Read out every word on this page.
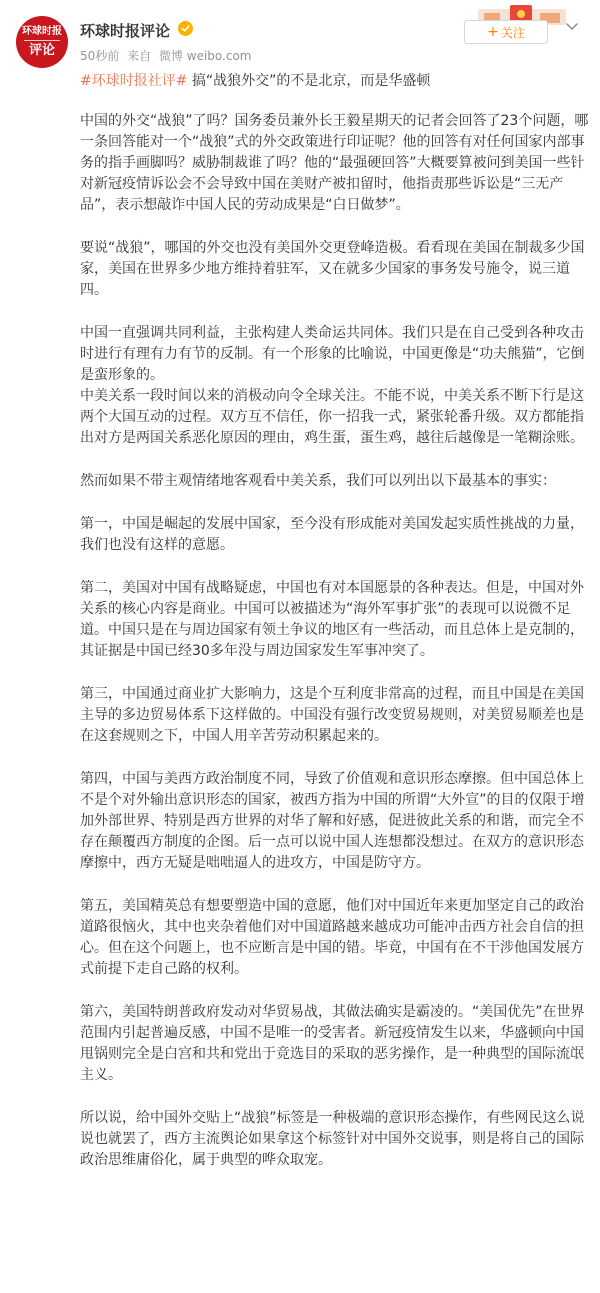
环球时报
评论
环球时报评论
50秒前 来自 微博 weibo.com
+ 关注
#环球时报社评# 搞“战狼外交”的不是北京，而是华盛顿

中国的外交“战狼”了吗？国务委员兼外长王毅星期天的记者会回答了23个问题，哪一条回答能对一个“战狼”式的外交政策进行印证呢？他的回答有对任何国家内部事务的指手画脚吗？威胁制裁谁了吗？他的“最强硬回答”大概要算被问到美国一些针对新冠疫情诉讼会不会导致中国在美财产被扣留时，他指责那些诉讼是“三无产品”，表示想敲诈中国人民的劳动成果是“白日做梦”。

要说“战狼”，哪国的外交也没有美国外交更登峰造极。看看现在美国在制裁多少国家，美国在世界多少地方维持着驻军，又在就多少国家的事务发号施令，说三道四。

中国一直强调共同利益，主张构建人类命运共同体。我们只是在自己受到各种攻击时进行有理有力有节的反制。有一个形象的比喻说，中国更像是“功夫熊猫”，它倒是蛮形象的。

中美关系一段时间以来的消极动向令全球关注。不能不说，中美关系不断下行是这两个大国互动的过程。双方互不信任，你一招我一式，紧张轮番升级。双方都能指出对方是两国关系恶化原因的理由，鸡生蛋，蛋生鸡，越往后越像是一笔糊涂账。

然而如果不带主观情绪地客观看中美关系，我们可以列出以下最基本的事实：

第一，中国是崛起的发展中国家，至今没有形成能对美国发起实质性挑战的力量，我们也没有这样的意愿。

第二，美国对中国有战略疑虑，中国也有对本国愿景的各种表达。但是，中国对外关系的核心内容是商业。中国可以被描述为“海外军事扩张”的表现可以说微不足道。中国只是在与周边国家有领土争议的地区有一些活动，而且总体上是克制的，其证据是中国已经30多年没与周边国家发生军事冲突了。

第三，中国通过商业扩大影响力，这是个互利度非常高的过程，而且中国是在美国主导的多边贸易体系下这样做的。中国没有强行改变贸易规则，对美贸易顺差也是在这套规则之下，中国人用辛苦劳动积累起来的。

第四，中国与美西方政治制度不同，导致了价值观和意识形态摩擦。但中国总体上不是个对外输出意识形态的国家，被西方指为中国的所谓“大外宣”的目的仅限于增加外部世界、特别是西方世界的对华了解和好感，促进彼此关系的和谐，而完全不存在颠覆西方制度的企图。后一点可以说中国人连想都没想过。在双方的意识形态摩擦中，西方无疑是咄咄逼人的进攻方，中国是防守方。

第五，美国精英总有想要塑造中国的意愿，他们对中国近年来更加坚定自己的政治道路很恼火，其中也夹杂着他们对中国道路越来越成功可能冲击西方社会自信的担心。但在这个问题上，也不应断言是中国的错。毕竟，中国有在不干涉他国发展方式前提下走自己路的权利。

第六，美国特朗普政府发动对华贸易战，其做法确实是霸凌的。“美国优先”在世界范围内引起普遍反感，中国不是唯一的受害者。新冠疫情发生以来，华盛顿向中国甩锅则完全是白宫和共和党出于竞选目的采取的恶劣操作，是一种典型的国际流氓主义。

所以说，给中国外交贴上“战狼”标签是一种极端的意识形态操作，有些网民这么说说也就罢了，西方主流舆论如果拿这个标签针对中国外交说事，则是将自己的国际政治思维庸俗化，属于典型的哗众取宠。
